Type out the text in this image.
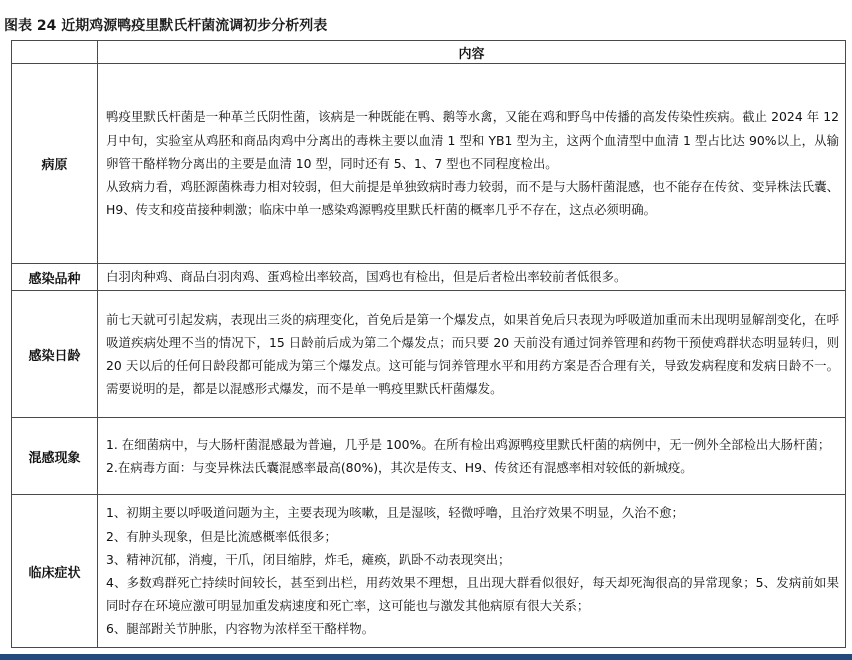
图表 24 近期鸡源鸭疫里默氏杆菌流调初步分析列表
	内容
病原	鸭疫里默氏杆菌是一种革兰氏阴性菌，该病是一种既能在鸭、鹅等水禽，又能在鸡和野鸟中传播的高发传染性疾病。截止 2024 年 12 月中旬，实验室从鸡胚和商品肉鸡中分离出的毒株主要以血清 1 型和 YB1 型为主，这两个血清型中血清 1 型占比达 90%以上，从输卵管干酪样物分离出的主要是血清 10 型，同时还有 5、1、7 型也不同程度检出。

从致病力看，鸡胚源菌株毒力相对较弱，但大前提是单独致病时毒力较弱，而不是与大肠杆菌混感，也不能存在传贫、变异株法氏囊、H9、传支和疫苗接种刺激；临床中单一感染鸡源鸭疫里默氏杆菌的概率几乎不存在，这点必须明确。

感染品种	白羽肉种鸡、商品白羽肉鸡、蛋鸡检出率较高，国鸡也有检出，但是后者检出率较前者低很多。

感染日龄	前七天就可引起发病，表现出三炎的病理变化，首免后是第一个爆发点，如果首免后只表现为呼吸道加重而未出现明显解剖变化，在呼吸道疾病处理不当的情况下，15 日龄前后成为第二个爆发点；而只要 20 天前没有通过饲养管理和药物干预使鸡群状态明显转归，则 20 天以后的任何日龄段都可能成为第三个爆发点。这可能与饲养管理水平和用药方案是否合理有关，导致发病程度和发病日龄不一。需要说明的是，都是以混感形式爆发，而不是单一鸭疫里默氏杆菌爆发。

混感现象	1. 在细菌病中，与大肠杆菌混感最为普遍，几乎是 100%。在所有检出鸡源鸭疫里默氏杆菌的病例中，无一例外全部检出大肠杆菌；

2.在病毒方面：与变异株法氏囊混感率最高(80%)，其次是传支、H9、传贫还有混感率相对较低的新城疫。

临床症状	1、初期主要以呼吸道问题为主，主要表现为咳嗽，且是湿咳，轻微呼噜，且治疗效果不明显，久治不愈；

2、有肿头现象，但是比流感概率低很多；

3、精神沉郁，消瘦，干爪，闭目缩脖，炸毛，瘫痪，趴卧不动表现突出；

4、多数鸡群死亡持续时间较长，甚至到出栏，用药效果不理想，且出现大群看似很好，每天却死淘很高的异常现象；5、发病前如果同时存在环境应激可明显加重发病速度和死亡率，这可能也与激发其他病原有很大关系；

6、腿部跗关节肿胀，内容物为浓样至干酪样物。
